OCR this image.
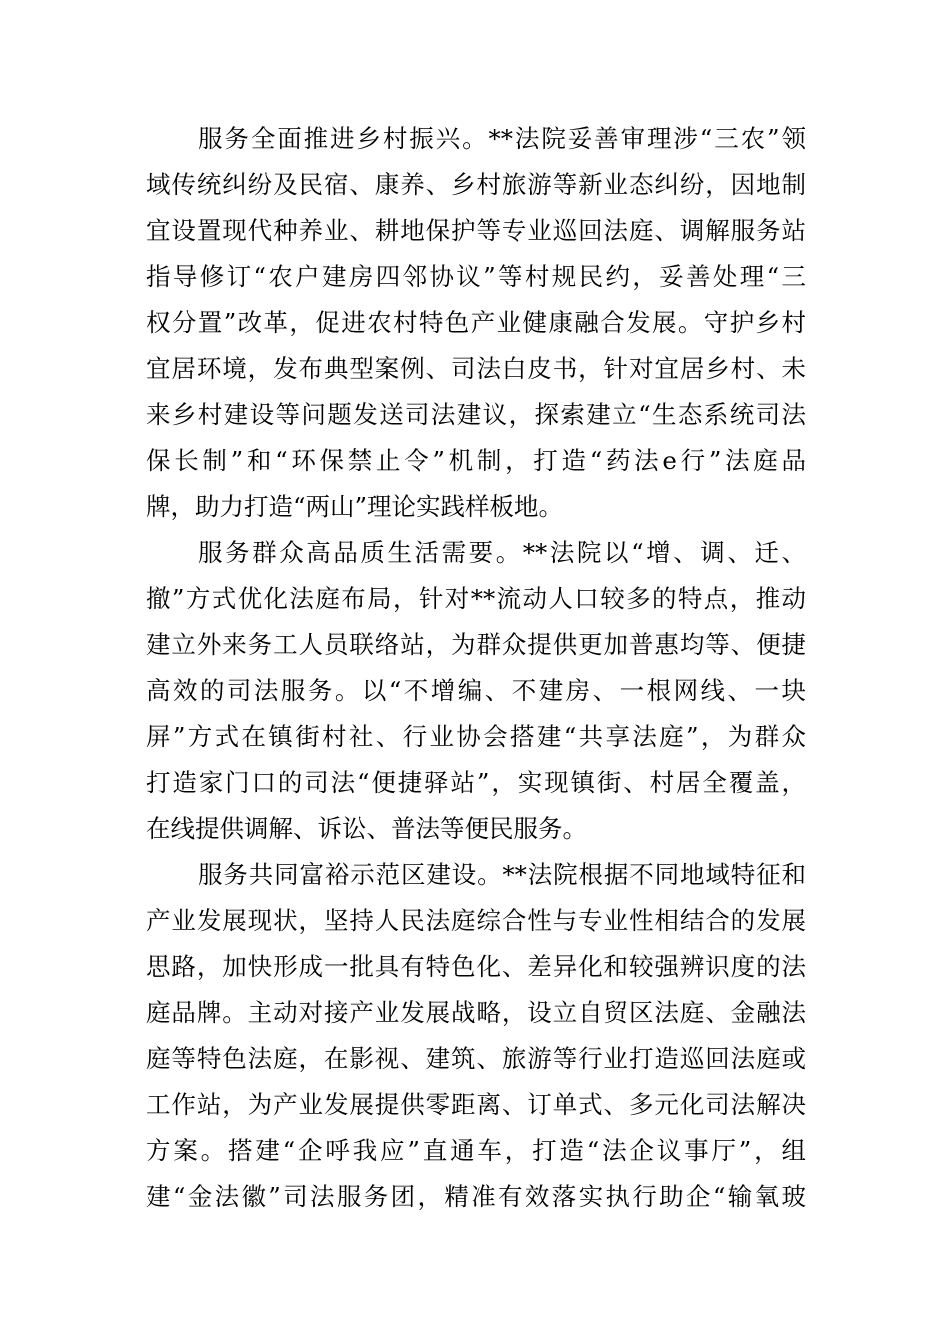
服务全面推进乡村振兴。**法院妥善审理涉“三农”领
域传统纠纷及民宿、康养、乡村旅游等新业态纠纷，因地制
宜设置现代种养业、耕地保护等专业巡回法庭、调解服务站
指导修订“农户建房四邻协议”等村规民约，妥善处理“三
权分置”改革，促进农村特色产业健康融合发展。守护乡村
宜居环境，发布典型案例、司法白皮书，针对宜居乡村、未
来乡村建设等问题发送司法建议，探索建立“生态系统司法
保长制”和“环保禁止令”机制，打造“药法e行”法庭品
牌，助力打造“两山”理论实践样板地。
服务群众高品质生活需要。**法院以“增、调、迁、
撤”方式优化法庭布局，针对**流动人口较多的特点，推动
建立外来务工人员联络站，为群众提供更加普惠均等、便捷
高效的司法服务。以“不增编、不建房、一根网线、一块
屏”方式在镇街村社、行业协会搭建“共享法庭”，为群众
打造家门口的司法“便捷驿站”，实现镇街、村居全覆盖，
在线提供调解、诉讼、普法等便民服务。
服务共同富裕示范区建设。**法院根据不同地域特征和
产业发展现状，坚持人民法庭综合性与专业性相结合的发展
思路，加快形成一批具有特色化、差异化和较强辨识度的法
庭品牌。主动对接产业发展战略，设立自贸区法庭、金融法
庭等特色法庭，在影视、建筑、旅游等行业打造巡回法庭或
工作站，为产业发展提供零距离、订单式、多元化司法解决
方案。搭建“企呼我应”直通车，打造“法企议事厅”，组
建“金法徽”司法服务团，精准有效落实执行助企“输氧玻
